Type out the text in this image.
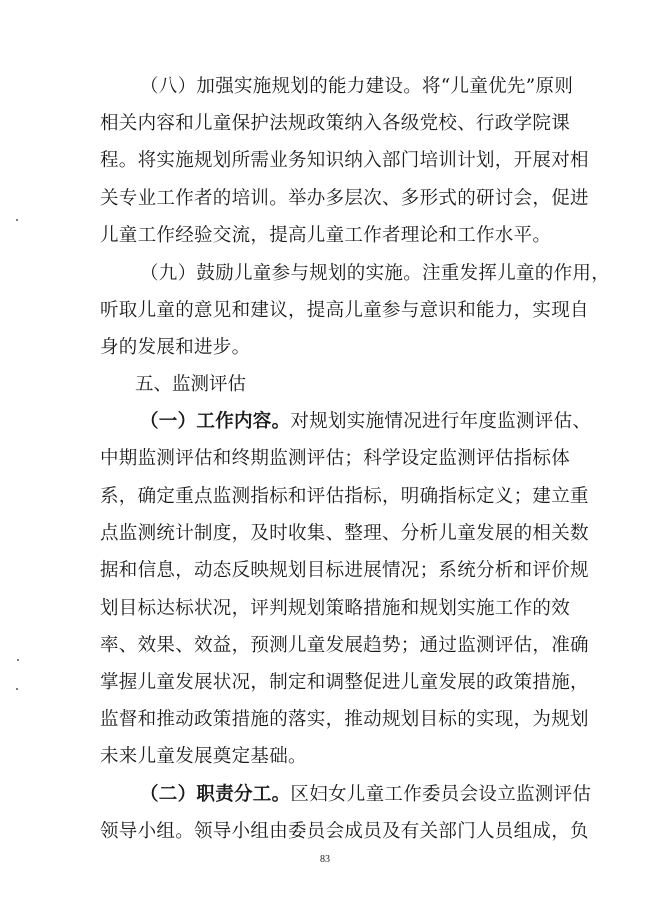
（八）加强实施规划的能力建设。将“儿童优先”原则
相关内容和儿童保护法规政策纳入各级党校、行政学院课
程。将实施规划所需业务知识纳入部门培训计划，开展对相
关专业工作者的培训。举办多层次、多形式的研讨会，促进
儿童工作经验交流，提高儿童工作者理论和工作水平。
（九）鼓励儿童参与规划的实施。注重发挥儿童的作用，
听取儿童的意见和建议，提高儿童参与意识和能力，实现自
身的发展和进步。
五、监测评估
（一）工作内容。对规划实施情况进行年度监测评估、
中期监测评估和终期监测评估；科学设定监测评估指标体
系，确定重点监测指标和评估指标，明确指标定义；建立重
点监测统计制度，及时收集、整理、分析儿童发展的相关数
据和信息，动态反映规划目标进展情况；系统分析和评价规
划目标达标状况，评判规划策略措施和规划实施工作的效
率、效果、效益，预测儿童发展趋势；通过监测评估，准确
掌握儿童发展状况，制定和调整促进儿童发展的政策措施，
监督和推动政策措施的落实，推动规划目标的实现，为规划
未来儿童发展奠定基础。
（二）职责分工。区妇女儿童工作委员会设立监测评估
领导小组。领导小组由委员会成员及有关部门人员组成，负
83
